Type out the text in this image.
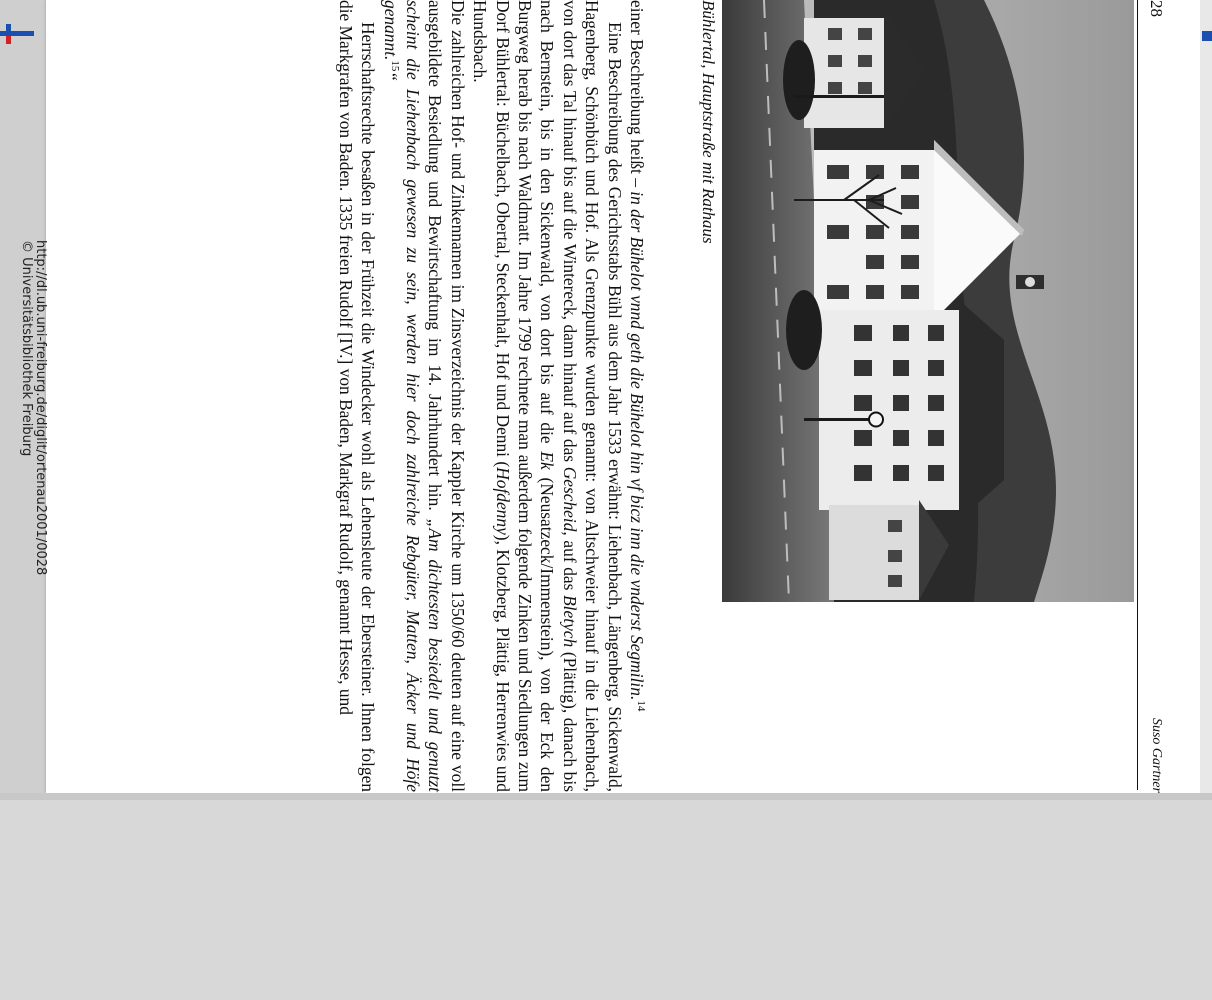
28
Suso Gartner
Bühlertal, Hauptstraße mit Rathaus

einer Beschreibung heißt – in der Bühelot vnnd geth die Bühelot hin vf bicz inn die vnderst Segmilin.$^{14}$

Eine Beschreibung des Gerichtsstabs Bühl aus dem Jahr 1533 erwähnt: Liehenbach, Längenberg, Sickenwald, Hagenberg, Schönbüch und Hof. Als Grenzpunkte wurden genannt: von Altschweier hinauf in die Liehenbach, von dort das Tal hinauf bis auf die Wintereck, dann hinauf auf das Gescheid, auf das Bletych (Plättig), danach bis nach Bernstein, bis in den Sickenwald, von dort bis auf die Ek (Neusatzeck/Immenstein), von der Eck den Burgweg herab bis nach Waldmatt. Im Jahre 1799 rechnete man außerdem folgende Zinken und Siedlungen zum Dorf Bühlertal: Büchelbach, Obertal, Steckenhalt, Hof und Denni (Hofdenny), Klotzberg, Plättig, Herrenwies und Hundsbach.

Die zahlreichen Hof- und Zinkennamen im Zinsverzeichnis der Kappler Kirche um 1350/60 deuten auf eine voll ausgebildete Besiedlung und Bewirtschaftung im 14. Jahrhundert hin. „Am dichtesten besiedelt und genutzt scheint die Liehenbach gewesen zu sein, werden hier doch zahlreiche Rebgüter, Matten, Äcker und Höfe genannt.$^{15}$“

Herrschaftsrechte besaßen in der Frühzeit die Windecker wohl als Lehensleute der Ebersteiner. Ihnen folgen die Markgrafen von Baden. 1335 freien Rudolf [IV.] von Baden, Markgraf Rudolf, genannt Hesse, und

http://dl.ub.uni-freiburg.de/diglit/ortenau2001/0028
© Universitätsbibliothek Freiburg
